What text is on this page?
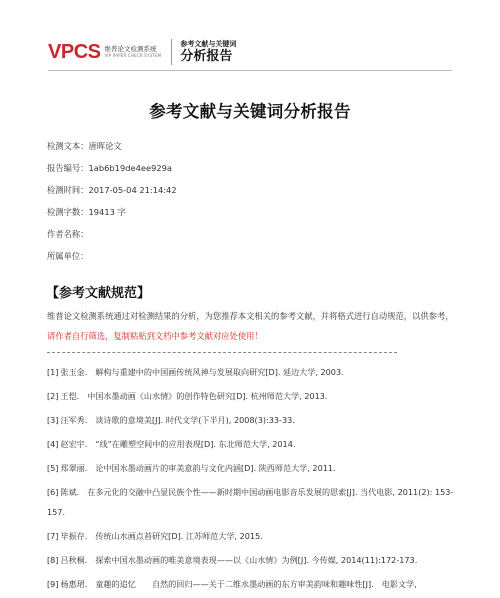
V P CS 维普论文检测系统
VIP PAPER CHECK SYSTEM
参考文献与关键词
分析报告
参考文献与关键词分析报告
检测文本：唐晖论文
报告编号：1ab6b19de4ee929a
检测时间：2017-05-04 21:14:42
检测字数：19413 字
作者名称：
所属单位：
【参考文献规范】
维普论文检测系统通过对检测结果的分析，为您推荐本文相关的参考文献，并将格式进行自动规范，以供参考，请作者自行筛选，复制粘贴到文档中参考文献对应处使用！
[1] 张玉金. 解构与重建中的中国画传统风神与发展取向研究[D]. 延边大学, 2003.
[2] 王恺. 中国水墨动画《山水情》的创作特色研究[D]. 杭州师范大学, 2013.
[3] 汪军秀. 谈诗歌的意境美[J]. 时代文学(下半月), 2008(3):33-33.
[4] 赵宏宇. “线”在雕塑空间中的应用表现[D]. 东北师范大学, 2014.
[5] 郑翠丽. 论中国水墨动画片的审美意韵与文化内涵[D]. 陕西师范大学, 2011.
[6] 陈斌. 在多元化的交融中凸显民族个性——新时期中国动画电影音乐发展的思索[J]. 当代电影, 2011(2): 153-157.
[7] 毕振存. 传统山水画点苔研究[D]. 江苏师范大学, 2015.
[8] 吕秋桐. 探索中国水墨动画的唯美意境表现——以《山水情》为例[J]. 今传媒, 2014(11):172-173.
[9] 杨惠珺. 童趣的追忆　　自然的回归——关于二维水墨动画的东方审美韵味和趣味性[J].　电影文学,
